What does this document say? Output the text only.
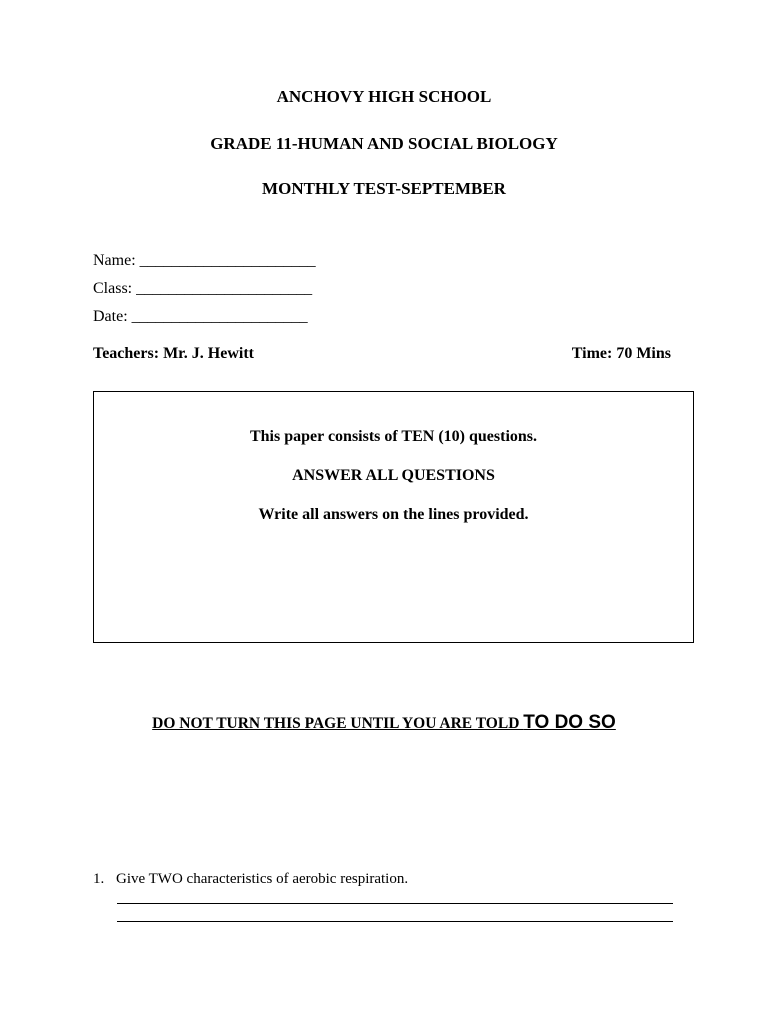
ANCHOVY HIGH SCHOOL

GRADE 11-HUMAN AND SOCIAL BIOLOGY

MONTHLY TEST-SEPTEMBER

Name: ______________________

Class: ______________________

Date: ______________________

Teachers: Mr. J. Hewitt	Time: 70 Mins

This paper consists of TEN (10) questions.

ANSWER ALL QUESTIONS

Write all answers on the lines provided.

DO NOT TURN THIS PAGE UNTIL YOU ARE TOLD TO DO SO

1. Give TWO characteristics of aerobic respiration.
